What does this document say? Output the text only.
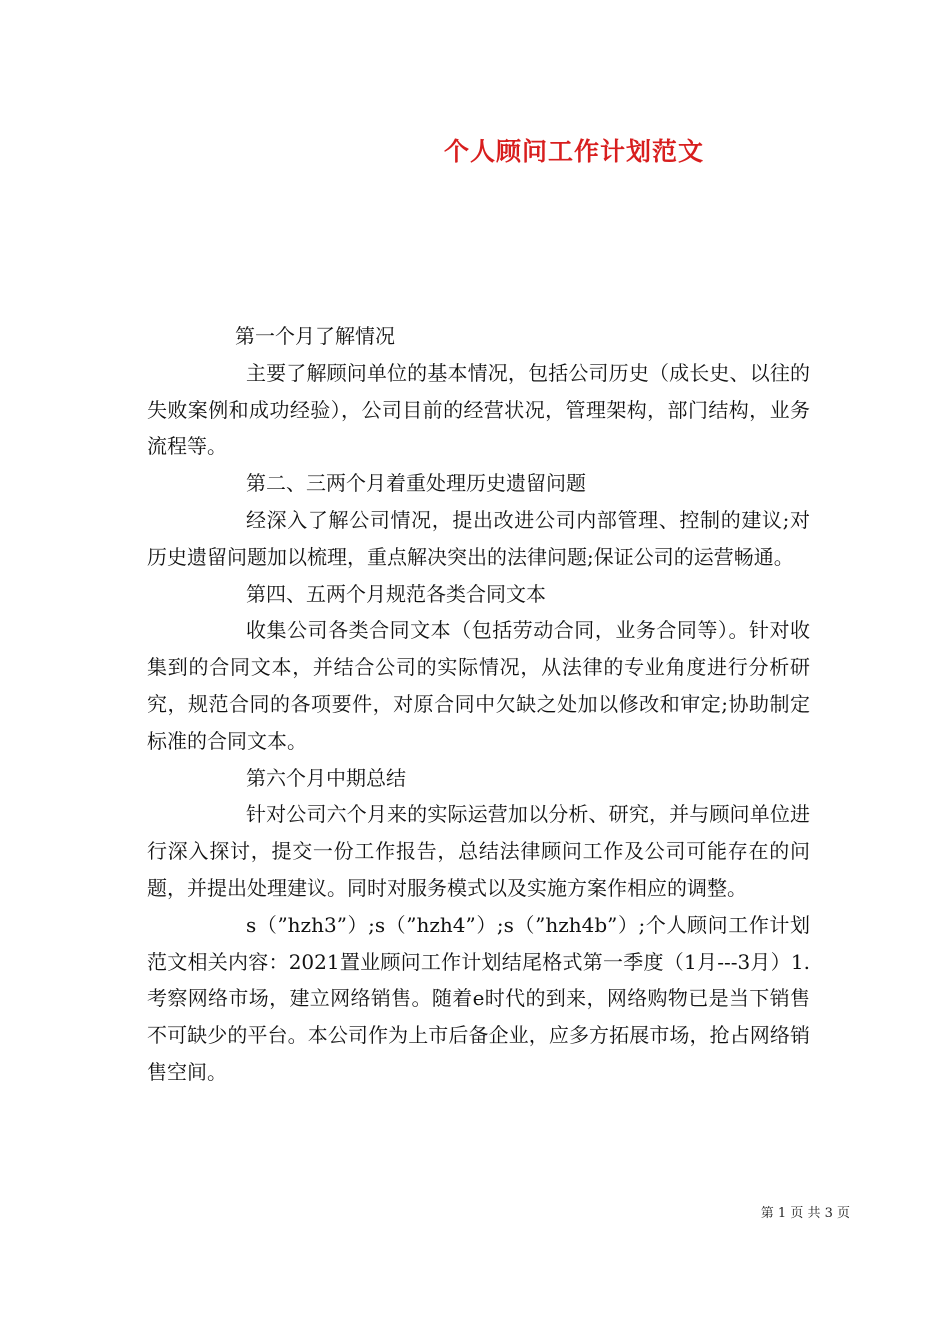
个人顾问工作计划范文

第一个月了解情况

主要了解顾问单位的基本情况，包括公司历史（成长史、以往的失败案例和成功经验），公司目前的经营状况，管理架构，部门结构，业务流程等。

第二、三两个月着重处理历史遗留问题

经深入了解公司情况，提出改进公司内部管理、控制的建议;对历史遗留问题加以梳理，重点解决突出的法律问题;保证公司的运营畅通。

第四、五两个月规范各类合同文本

收集公司各类合同文本（包括劳动合同，业务合同等）。针对收集到的合同文本，并结合公司的实际情况，从法律的专业角度进行分析研究，规范合同的各项要件，对原合同中欠缺之处加以修改和审定;协助制定标准的合同文本。

第六个月中期总结

针对公司六个月来的实际运营加以分析、研究，并与顾问单位进行深入探讨，提交一份工作报告，总结法律顾问工作及公司可能存在的问题，并提出处理建议。同时对服务模式以及实施方案作相应的调整。

s（”hzh3”）;s（”hzh4”）;s（”hzh4b”）;个人顾问工作计划范文相关内容：2021置业顾问工作计划结尾格式第一季度（1月---3月）1.考察网络市场，建立网络销售。随着e时代的到来，网络购物已是当下销售不可缺少的平台。本公司作为上市后备企业，应多方拓展市场，抢占网络销售空间。

第 1 页 共 3 页
